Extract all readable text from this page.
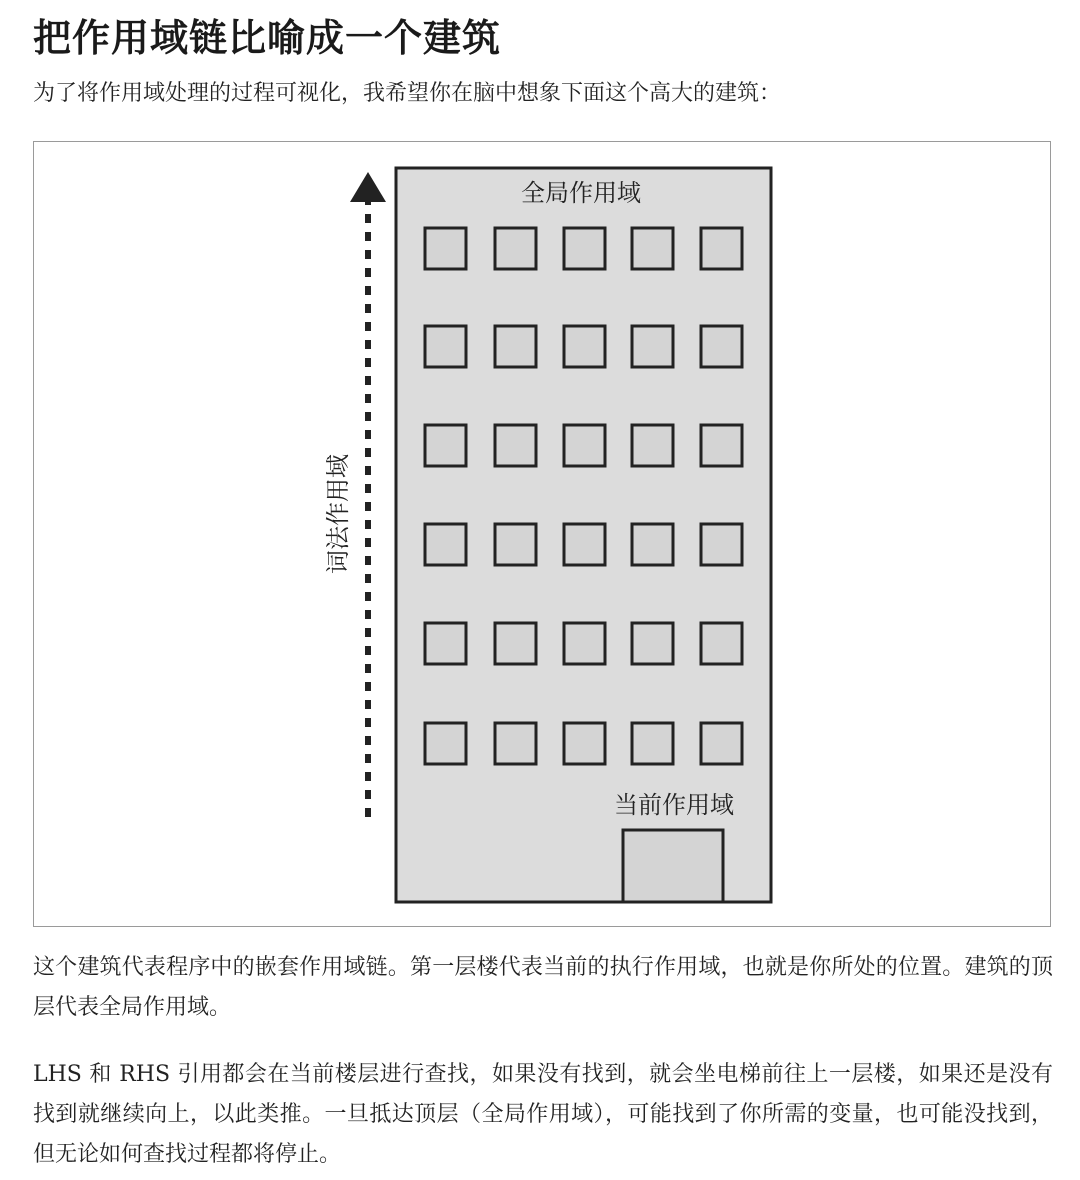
把作用域链比喻成一个建筑

为了将作用域处理的过程可视化，我希望你在脑中想象下面这个高大的建筑：

词法作用域
全局作用域
当前作用域

这个建筑代表程序中的嵌套作用域链。第一层楼代表当前的执行作用域，也就是你所处的位置。建筑的顶层代表全局作用域。

LHS 和 RHS 引用都会在当前楼层进行查找，如果没有找到，就会坐电梯前往上一层楼，如果还是没有找到就继续向上，以此类推。一旦抵达顶层（全局作用域），可能找到了你所需的变量，也可能没找到，但无论如何查找过程都将停止。
